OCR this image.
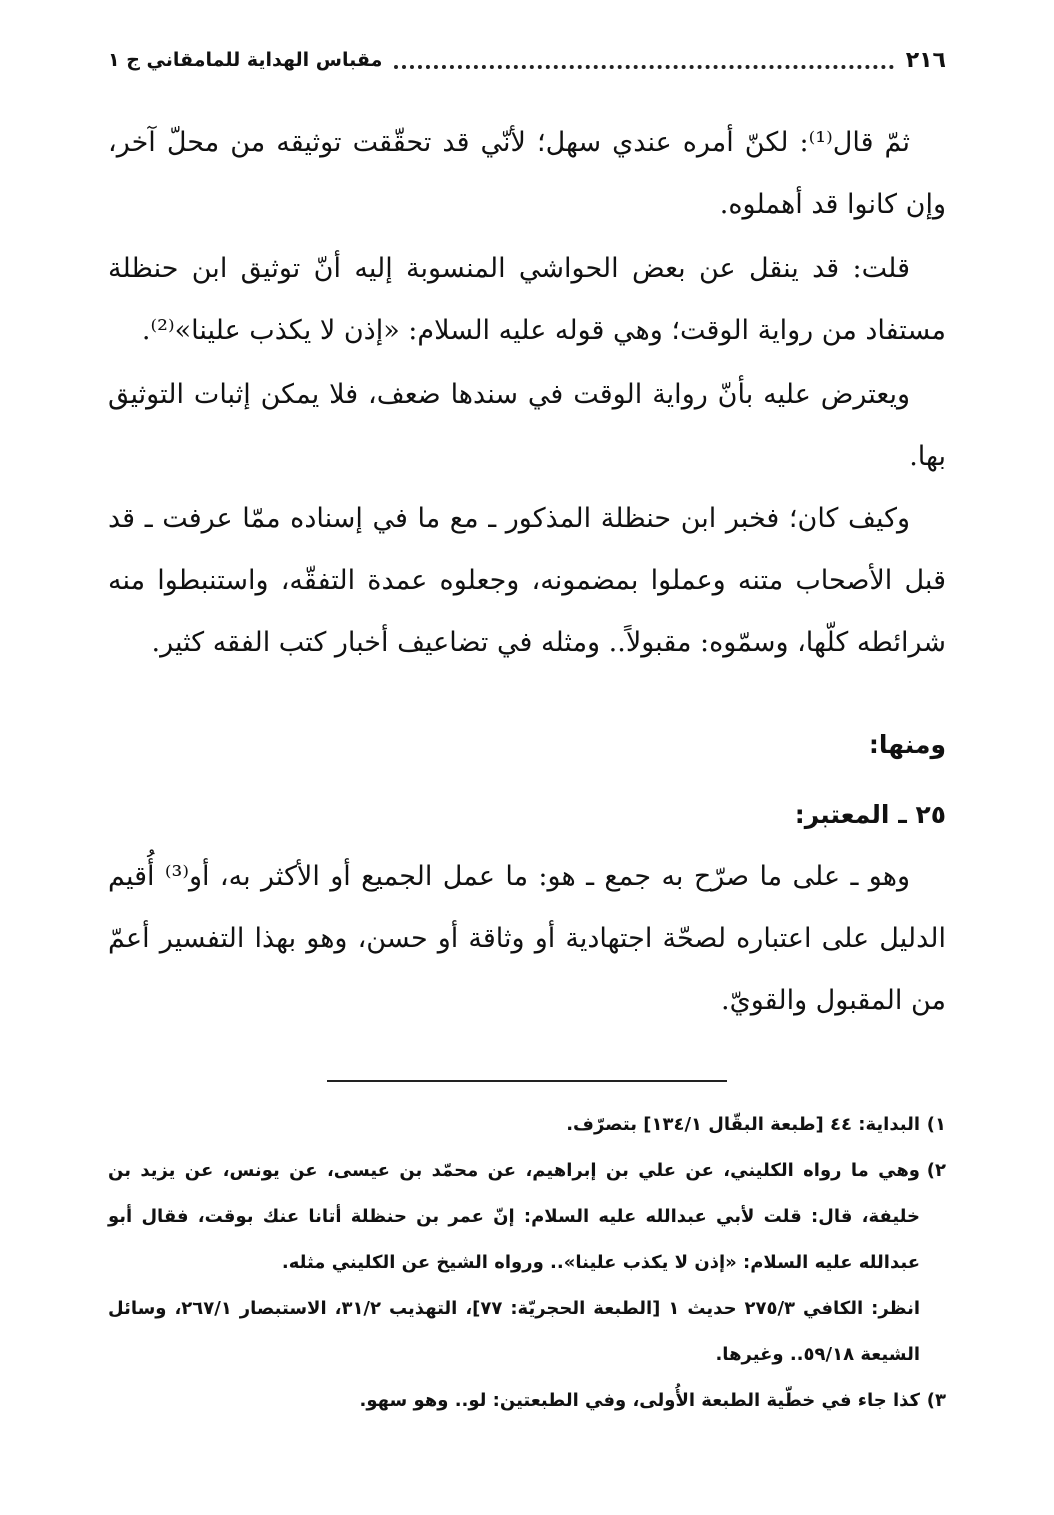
٢١٦
مقباس الهداية للمامقاني ج ١

ثمّ قال⁽¹⁾: لكنّ أمره عندي سهل؛ لأنّي قد تحقّقت توثيقه من محلّ آخر، وإن كانوا قد أهملوه.

قلت: قد ينقل عن بعض الحواشي المنسوبة إليه أنّ توثيق ابن حنظلة مستفاد من رواية الوقت؛ وهي قوله عليه السلام: «إذن لا يكذب علينا»⁽²⁾.

ويعترض عليه بأنّ رواية الوقت في سندها ضعف، فلا يمكن إثبات التوثيق بها.

وكيف كان؛ فخبر ابن حنظلة المذكور ـ مع ما في إسناده ممّا عرفت ـ قد قبل الأصحاب متنه وعملوا بمضمونه، وجعلوه عمدة التفقّه، واستنبطوا منه شرائطه كلّها، وسمّوه: مقبولاً.. ومثله في تضاعيف أخبار كتب الفقه كثير.

ومنها:
٢٥ ـ المعتبر:

وهو ـ على ما صرّح به جمع ـ هو: ما عمل الجميع أو الأكثر به، أو⁽³⁾ أُقيم الدليل على اعتباره لصحّة اجتهادية أو وثاقة أو حسن، وهو بهذا التفسير أعمّ من المقبول والقويّ.

١)
البداية: ٤٤ [طبعة البقّال ١٣٤/١] بتصرّف.

٢)
وهي ما رواه الكليني، عن علي بن إبراهيم، عن محمّد بن عيسى، عن يونس، عن يزيد بن خليفة، قال: قلت لأبي عبدالله عليه السلام: إنّ عمر بن حنظلة أتانا عنك بوقت، فقال أبو عبدالله عليه السلام: «إذن لا يكذب علينا».. ورواه الشيخ عن الكليني مثله.

انظر: الكافي ٢٧٥/٣ حديث ١ [الطبعة الحجريّة: ٧٧]، التهذيب ٣١/٢، الاستبصار ٢٦٧/١، وسائل الشيعة ٥٩/١٨.. وغيرها.

٣)
كذا جاء في خطّية الطبعة الأُولى، وفي الطبعتين: لو.. وهو سهو.
